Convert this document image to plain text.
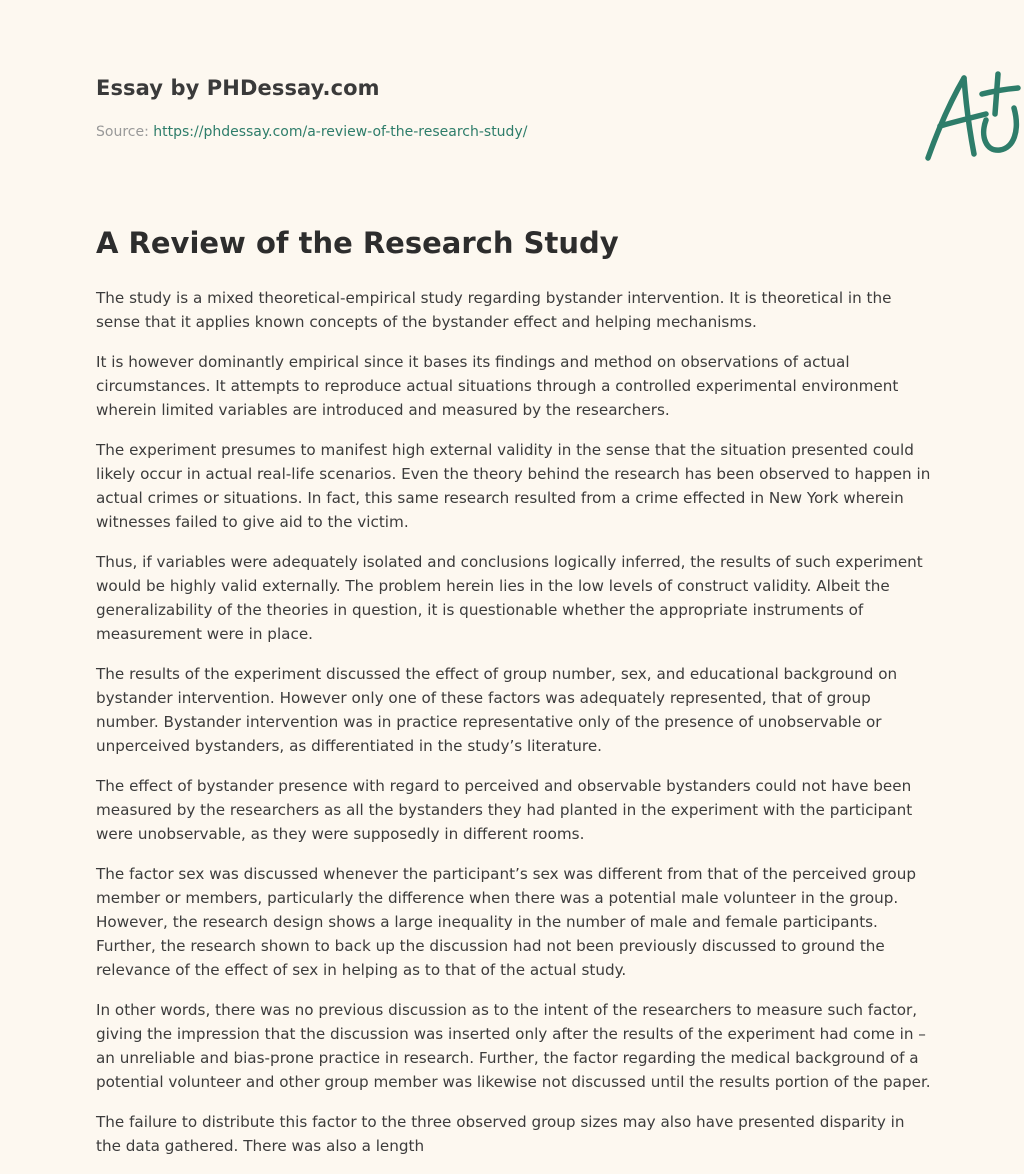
Essay by PHDessay.com

Source: https://phdessay.com/a-review-of-the-research-study/

A Review of the Research Study

The study is a mixed theoretical-empirical study regarding bystander intervention. It is theoretical in the sense that it applies known concepts of the bystander effect and helping mechanisms.

It is however dominantly empirical since it bases its findings and method on observations of actual circumstances. It attempts to reproduce actual situations through a controlled experimental environment wherein limited variables are introduced and measured by the researchers.

The experiment presumes to manifest high external validity in the sense that the situation presented could likely occur in actual real-life scenarios. Even the theory behind the research has been observed to happen in actual crimes or situations. In fact, this same research resulted from a crime effected in New York wherein witnesses failed to give aid to the victim.

Thus, if variables were adequately isolated and conclusions logically inferred, the results of such experiment would be highly valid externally. The problem herein lies in the low levels of construct validity. Albeit the generalizability of the theories in question, it is questionable whether the appropriate instruments of measurement were in place.

The results of the experiment discussed the effect of group number, sex, and educational background on bystander intervention. However only one of these factors was adequately represented, that of group number. Bystander intervention was in practice representative only of the presence of unobservable or unperceived bystanders, as differentiated in the study’s literature.

The effect of bystander presence with regard to perceived and observable bystanders could not have been measured by the researchers as all the bystanders they had planted in the experiment with the participant were unobservable, as they were supposedly in different rooms.

The factor sex was discussed whenever the participant’s sex was different from that of the perceived group member or members, particularly the difference when there was a potential male volunteer in the group. However, the research design shows a large inequality in the number of male and female participants. Further, the research shown to back up the discussion had not been previously discussed to ground the relevance of the effect of sex in helping as to that of the actual study.

In other words, there was no previous discussion as to the intent of the researchers to measure such factor, giving the impression that the discussion was inserted only after the results of the experiment had come in – an unreliable and bias-prone practice in research. Further, the factor regarding the medical background of a potential volunteer and other group member was likewise not discussed until the results portion of the paper.

The failure to distribute this factor to the three observed group sizes may also have presented disparity in the data gathered. There was also a length
